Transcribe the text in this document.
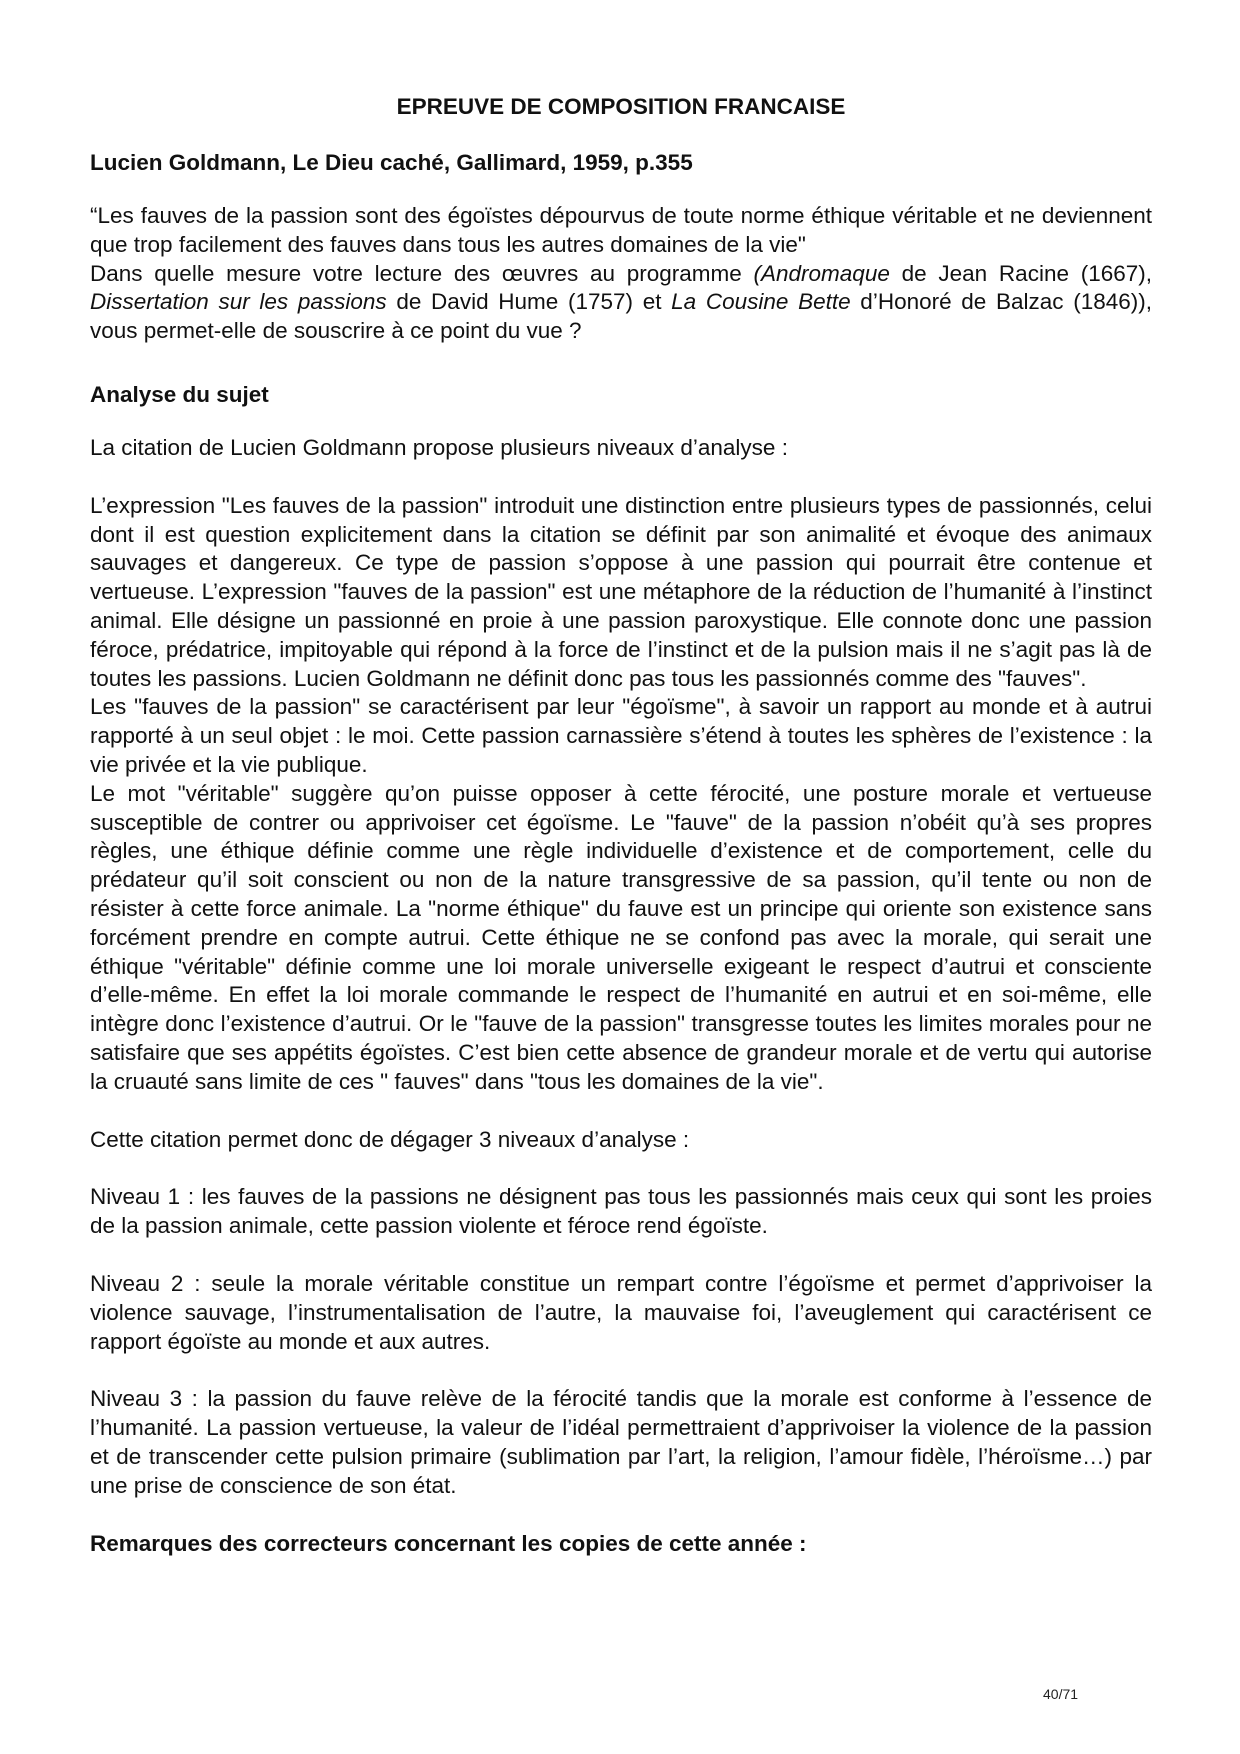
EPREUVE DE COMPOSITION FRANCAISE
Lucien Goldmann, Le Dieu caché, Gallimard, 1959, p.355

“Les fauves de la passion sont des égoïstes dépourvus de toute norme éthique véritable et ne deviennent que trop facilement des fauves dans tous les autres domaines de la vie"

Dans quelle mesure votre lecture des œuvres au programme (Andromaque de Jean Racine (1667), Dissertation sur les passions de David Hume (1757) et La Cousine Bette d’Honoré de Balzac (1846)), vous permet-elle de souscrire à ce point du vue ?

Analyse du sujet

La citation de Lucien Goldmann propose plusieurs niveaux d’analyse :

L’expression "Les fauves de la passion" introduit une distinction entre plusieurs types de passionnés, celui dont il est question explicitement dans la citation se définit par son animalité et évoque des animaux sauvages et dangereux. Ce type de passion s’oppose à une passion qui pourrait être contenue et vertueuse. L’expression "fauves de la passion" est une métaphore de la réduction de l’humanité à l’instinct animal. Elle désigne un passionné en proie à une passion paroxystique. Elle connote donc une passion féroce, prédatrice, impitoyable qui répond à la force de l’instinct et de la pulsion mais il ne s’agit pas là de toutes les passions. Lucien Goldmann ne définit donc pas tous les passionnés comme des "fauves".

Les "fauves de la passion" se caractérisent par leur "égoïsme", à savoir un rapport au monde et à autrui rapporté à un seul objet : le moi. Cette passion carnassière s’étend à toutes les sphères de l’existence : la vie privée et la vie publique.

Le mot "véritable" suggère qu’on puisse opposer à cette férocité, une posture morale et vertueuse susceptible de contrer ou apprivoiser cet égoïsme. Le "fauve" de la passion n’obéit qu’à ses propres règles, une éthique définie comme une règle individuelle d’existence et de comportement, celle du prédateur qu’il soit conscient ou non de la nature transgressive de sa passion, qu’il tente ou non de résister à cette force animale. La "norme éthique" du fauve est un principe qui oriente son existence sans forcément prendre en compte autrui. Cette éthique ne se confond pas avec la morale, qui serait une éthique "véritable" définie comme une loi morale universelle exigeant le respect d’autrui et consciente d’elle-même. En effet la loi morale commande le respect de l’humanité en autrui et en soi-même, elle intègre donc l’existence d’autrui. Or le "fauve de la passion" transgresse toutes les limites morales pour ne satisfaire que ses appétits égoïstes. C’est bien cette absence de grandeur morale et de vertu qui autorise la cruauté sans limite de ces " fauves" dans "tous les domaines de la vie".

Cette citation permet donc de dégager 3 niveaux d’analyse :

Niveau 1 : les fauves de la passions ne désignent pas tous les passionnés mais ceux qui sont les proies de la passion animale, cette passion violente et féroce rend égoïste.

Niveau 2 : seule la morale véritable constitue un rempart contre l’égoïsme et permet d’apprivoiser la violence sauvage, l’instrumentalisation de l’autre, la mauvaise foi, l’aveuglement qui caractérisent ce rapport égoïste au monde et aux autres.

Niveau 3 : la passion du fauve relève de la férocité tandis que la morale est conforme à l’essence de l’humanité. La passion vertueuse, la valeur de l’idéal permettraient d’apprivoiser la violence de la passion et de transcender cette pulsion primaire (sublimation par l’art, la religion, l’amour fidèle, l’héroïsme…) par une prise de conscience de son état.

Remarques des correcteurs concernant les copies de cette année :
40/71
